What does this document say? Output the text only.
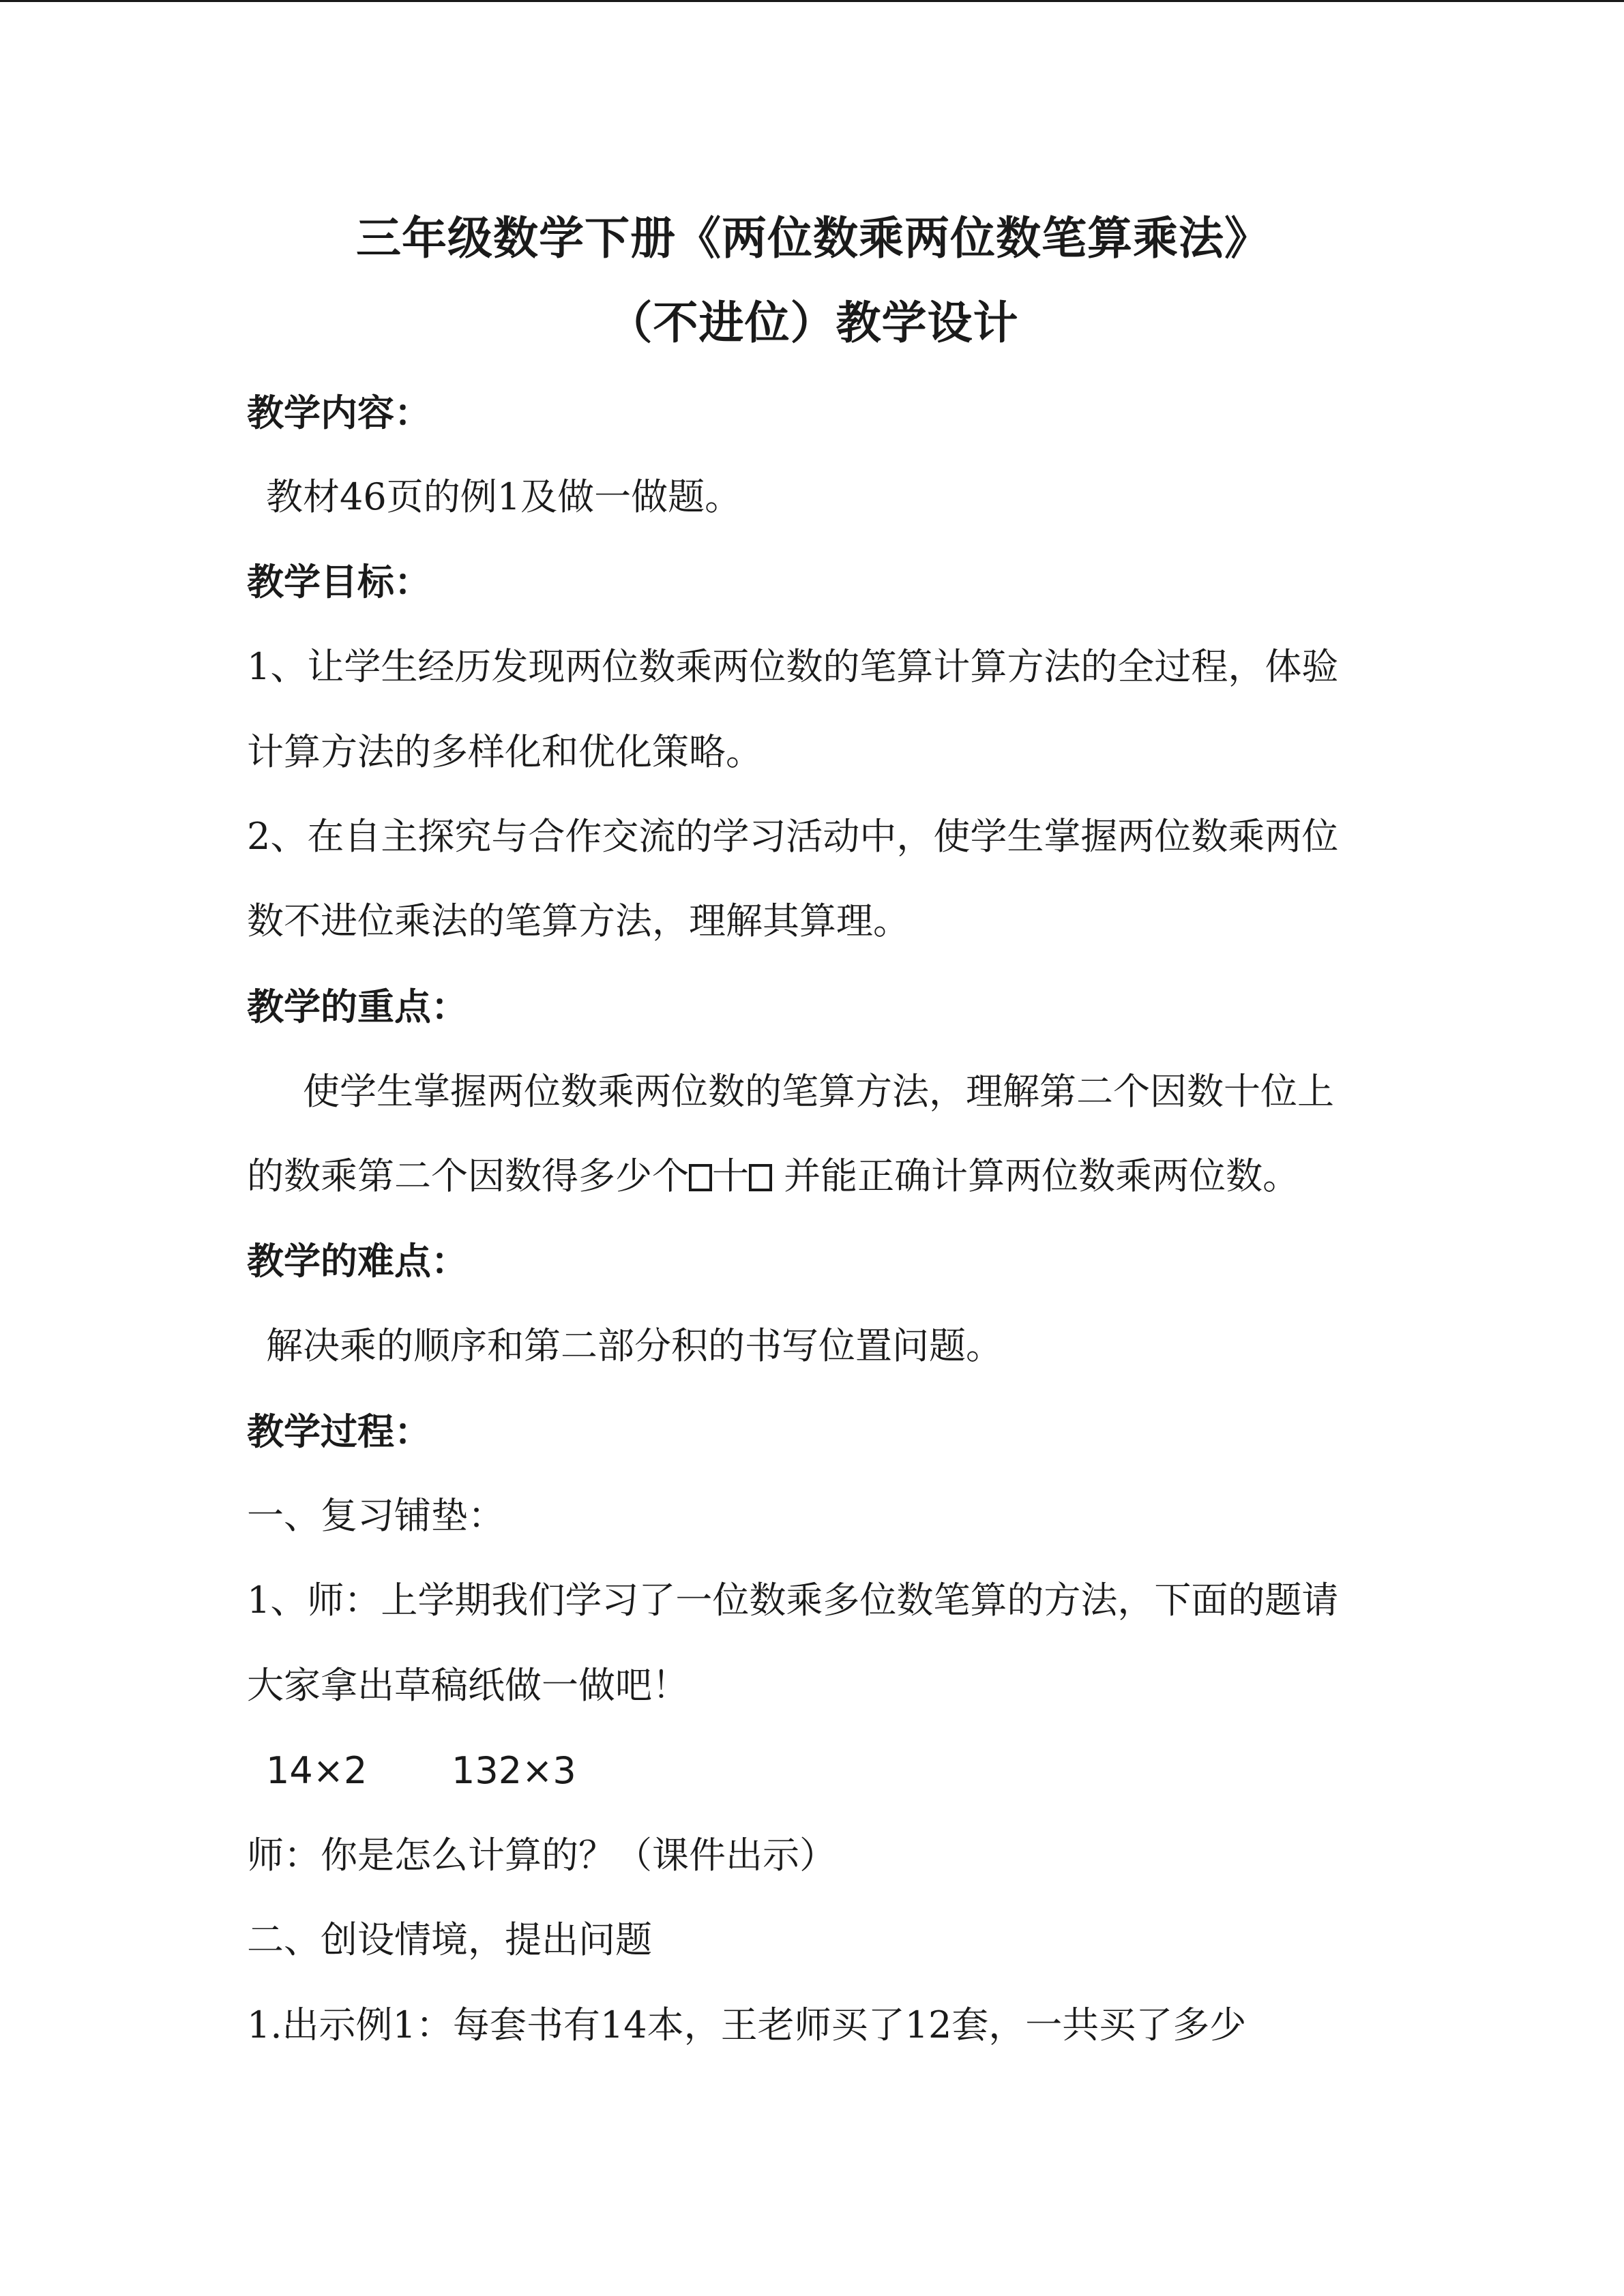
三年级数学下册《两位数乘两位数笔算乘法》
（不进位）教学设计
教学内容：
教材46页的例1及做一做题。
教学目标：
1、让学生经历发现两位数乘两位数的笔算计算方法的全过程，体验
计算方法的多样化和优化策略。
2、在自主探究与合作交流的学习活动中，使学生掌握两位数乘两位
数不进位乘法的笔算方法，理解其算理。
教学的重点：
使学生掌握两位数乘两位数的笔算方法，理解第二个因数十位上
的数乘第二个因数得多少个 十 并能正确计算两位数乘两位数。
教学的难点：
解决乘的顺序和第二部分积的书写位置问题。
教学过程：
一、复习铺垫：
1、师：上学期我们学习了一位数乘多位数笔算的方法，下面的题请
大家拿出草稿纸做一做吧！
14×2 132×3
师：你是怎么计算的？（课件出示）
二、创设情境，提出问题
1.出示例1：每套书有14本，王老师买了12套，一共买了多少
